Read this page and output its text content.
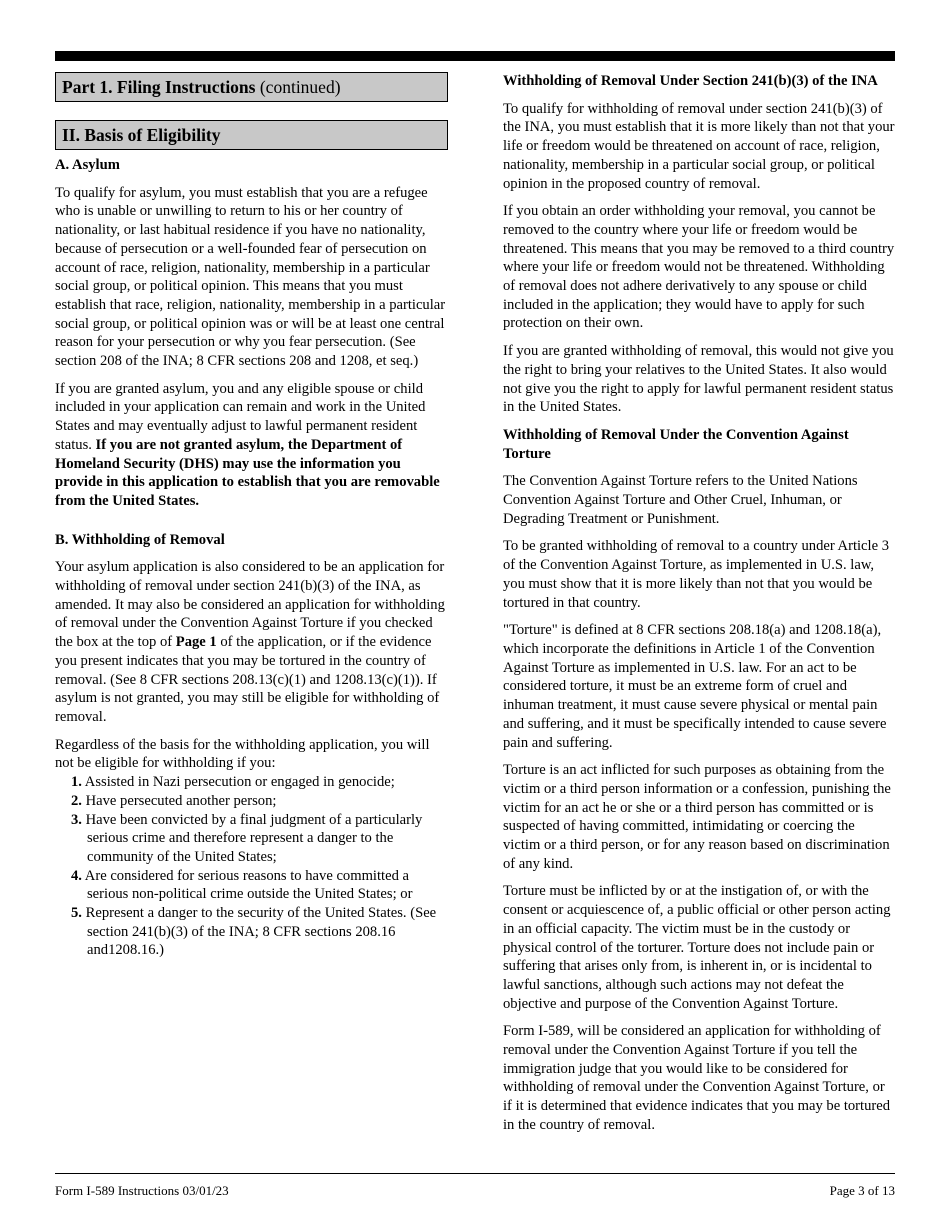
Part 1. Filing Instructions (continued)
II. Basis of Eligibility

A. Asylum

To qualify for asylum, you must establish that you are a refugee who is unable or unwilling to return to his or her country of nationality, or last habitual residence if you have no nationality, because of persecution or a well-founded fear of persecution on account of race, religion, nationality, membership in a particular social group, or political opinion. This means that you must establish that race, religion, nationality, membership in a particular social group, or political opinion was or will be at least one central reason for your persecution or why you fear persecution. (See section 208 of the INA; 8 CFR sections 208 and 1208, et seq.)

If you are granted asylum, you and any eligible spouse or child included in your application can remain and work in the United States and may eventually adjust to lawful permanent resident status. If you are not granted asylum, the Department of Homeland Security (DHS) may use the information you provide in this application to establish that you are removable from the United States.

B. Withholding of Removal

Your asylum application is also considered to be an application for withholding of removal under section 241(b)(3) of the INA, as amended. It may also be considered an application for withholding of removal under the Convention Against Torture if you checked the box at the top of Page 1 of the application, or if the evidence you present indicates that you may be tortured in the country of removal. (See 8 CFR sections 208.13(c)(1) and 1208.13(c)(1)). If asylum is not granted, you may still be eligible for withholding of removal.

Regardless of the basis for the withholding application, you will not be eligible for withholding if you:

1. Assisted in Nazi persecution or engaged in genocide;
2. Have persecuted another person;
3. Have been convicted by a final judgment of a particularly serious crime and therefore represent a danger to the community of the United States;
4. Are considered for serious reasons to have committed a serious non-political crime outside the United States; or
5. Represent a danger to the security of the United States. (See section 241(b)(3) of the INA; 8 CFR sections 208.16 and1208.16.)

Withholding of Removal Under Section 241(b)(3) of the INA

To qualify for withholding of removal under section 241(b)(3) of the INA, you must establish that it is more likely than not that your life or freedom would be threatened on account of race, religion, nationality, membership in a particular social group, or political opinion in the proposed country of removal.

If you obtain an order withholding your removal, you cannot be removed to the country where your life or freedom would be threatened. This means that you may be removed to a third country where your life or freedom would not be threatened. Withholding of removal does not adhere derivatively to any spouse or child included in the application; they would have to apply for such protection on their own.

If you are granted withholding of removal, this would not give you the right to bring your relatives to the United States. It also would not give you the right to apply for lawful permanent resident status in the United States.

Withholding of Removal Under the Convention Against Torture

The Convention Against Torture refers to the United Nations Convention Against Torture and Other Cruel, Inhuman, or Degrading Treatment or Punishment.

To be granted withholding of removal to a country under Article 3 of the Convention Against Torture, as implemented in U.S. law, you must show that it is more likely than not that you would be tortured in that country.

"Torture" is defined at 8 CFR sections 208.18(a) and 1208.18(a), which incorporate the definitions in Article 1 of the Convention Against Torture as implemented in U.S. law. For an act to be considered torture, it must be an extreme form of cruel and inhuman treatment, it must cause severe physical or mental pain and suffering, and it must be specifically intended to cause severe pain and suffering.

Torture is an act inflicted for such purposes as obtaining from the victim or a third person information or a confession, punishing the victim for an act he or she or a third person has committed or is suspected of having committed, intimidating or coercing the victim or a third person, or for any reason based on discrimination of any kind.

Torture must be inflicted by or at the instigation of, or with the consent or acquiescence of, a public official or other person acting in an official capacity. The victim must be in the custody or physical control of the torturer. Torture does not include pain or suffering that arises only from, is inherent in, or is incidental to lawful sanctions, although such actions may not defeat the objective and purpose of the Convention Against Torture.

Form I-589, will be considered an application for withholding of removal under the Convention Against Torture if you tell the immigration judge that you would like to be considered for withholding of removal under the Convention Against Torture, or if it is determined that evidence indicates that you may be tortured in the country of removal.

Form I-589 Instructions 03/01/23	Page 3 of 13
